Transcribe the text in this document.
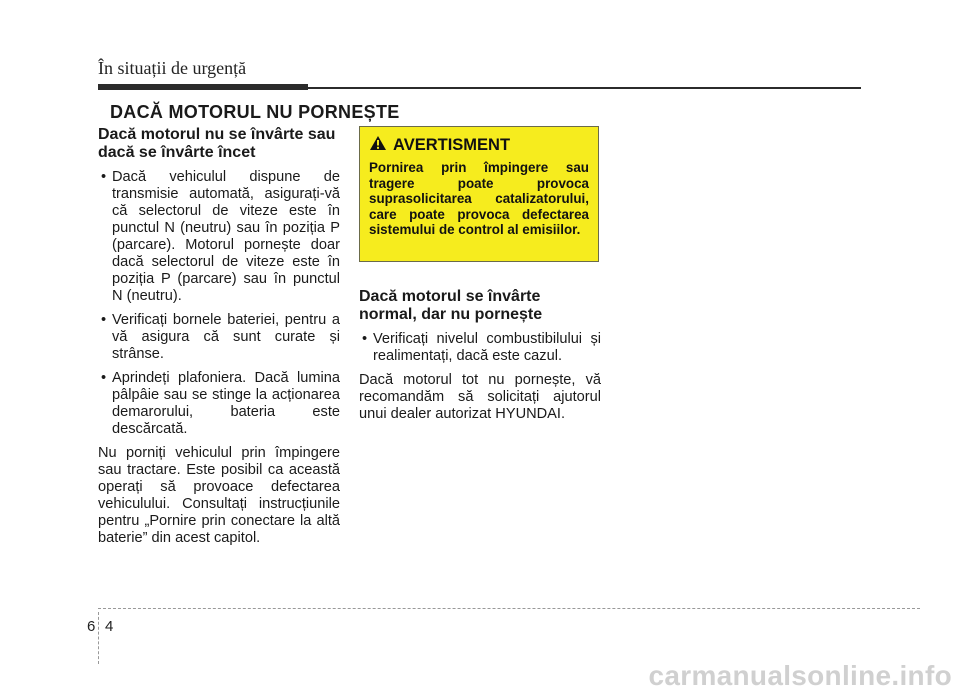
În situații de urgență
DACĂ MOTORUL NU PORNEȘTE
Dacă motorul nu se învârte sau dacă se învârte încet
• Dacă vehiculul dispune de transmisie automată, asigurați-vă că selectorul de viteze este în punctul N (neutru) sau în poziția P (parcare). Motorul pornește doar dacă selectorul de viteze este în poziția P (parcare) sau în punctul N (neutru).
• Verificați bornele bateriei, pentru a vă asigura că sunt curate și strânse.
• Aprindeți plafoniera. Dacă lumina pâlpâie sau se stinge la acționarea demarorului, bateria este descărcată.

Nu porniți vehiculul prin împingere sau tractare. Este posibil ca această operați să provoace defectarea vehiculului. Consultați instrucțiunile pentru „Pornire prin conectare la altă baterie” din acest capitol.

AVERTISMENT
Pornirea prin împingere sau tragere poate provoca suprasolicitarea catalizatorului, care poate provoca defectarea sistemului de control al emisiilor.
Dacă motorul se învârte normal, dar nu pornește
• Verificați nivelul combustibilului și realimentați, dacă este cazul.

Dacă motorul tot nu pornește, vă recomandăm să solicitați ajutorul unui dealer autorizat HYUNDAI.

6 4
carmanualsonline.info
